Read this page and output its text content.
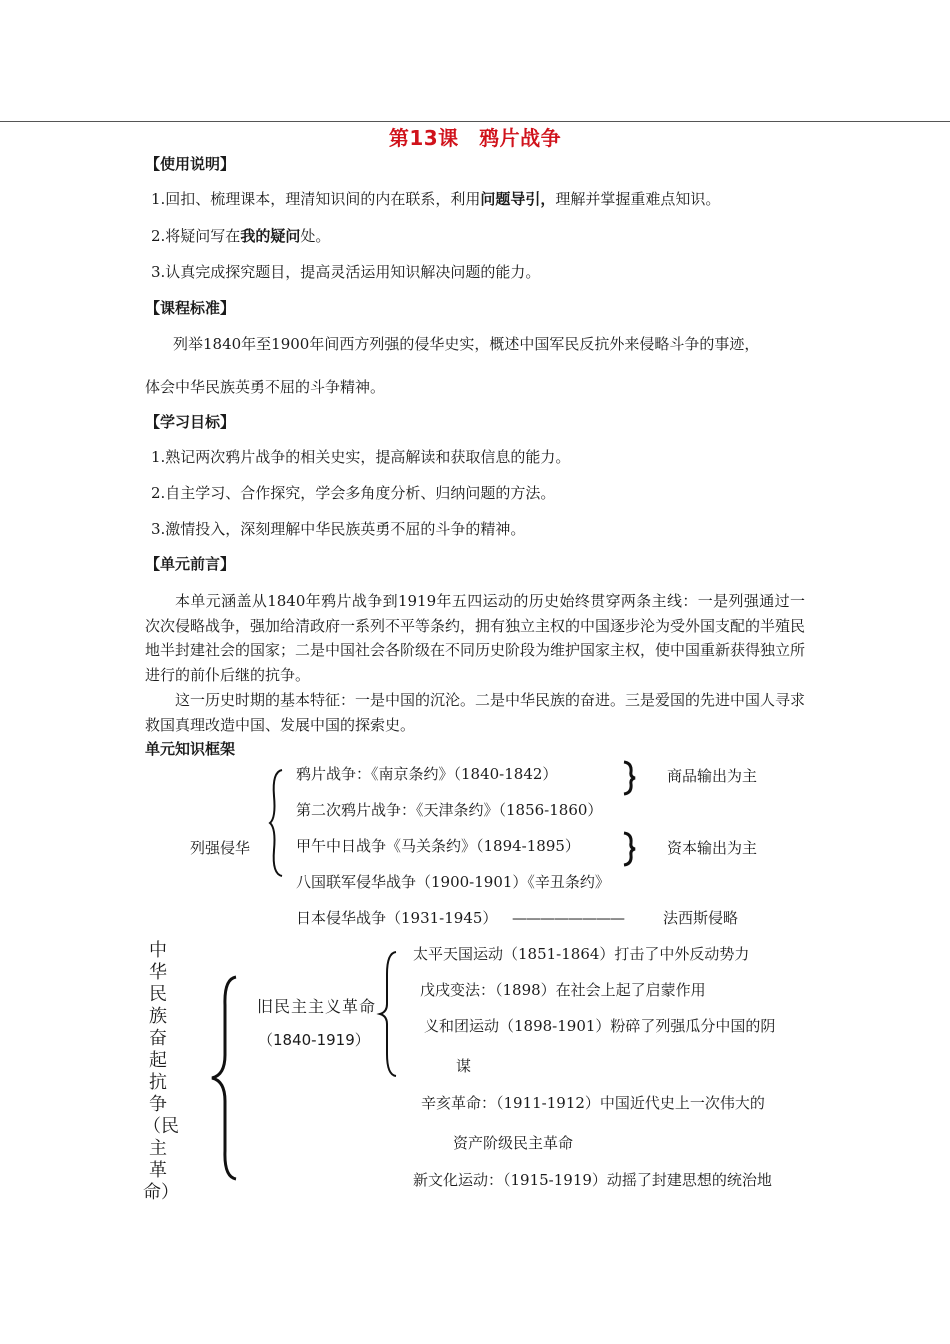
第13课　鸦片战争
【使用说明】
1.回扣、梳理课本，理清知识间的内在联系，利用问题导引，理解并掌握重难点知识。
2.将疑问写在我的疑问处。
3.认真完成探究题目，提高灵活运用知识解决问题的能力。
【课程标准】
列举1840年至1900年间西方列强的侵华史实，概述中国军民反抗外来侵略斗争的事迹，
体会中华民族英勇不屈的斗争精神。
【学习目标】
1.熟记两次鸦片战争的相关史实，提高解读和获取信息的能力。
2.自主学习、合作探究，学会多角度分析、归纳问题的方法。
3.激情投入，深刻理解中华民族英勇不屈的斗争的精神。
【单元前言】
本单元涵盖从1840年鸦片战争到1919年五四运动的历史始终贯穿两条主线：一是列强通过一次次侵略战争，强加给清政府一系列不平等条约，拥有独立主权的中国逐步沦为受外国支配的半殖民地半封建社会的国家；二是中国社会各阶级在不同历史阶段为维护国家主权，使中国重新获得独立所进行的前仆后继的抗争。
这一历史时期的基本特征：一是中国的沉沦。二是中华民族的奋进。三是爱国的先进中国人寻求救国真理改造中国、发展中国的探索史。
单元知识框架
列强侵华
鸦片战争：《南京条约》（1840-1842）
第二次鸦片战争：《天津条约》（1856-1860）
甲午中日战争《马关条约》（1894-1895）
八国联军侵华战争（1900-1901）《辛丑条约》
日本侵华战争（1931-1945） ————————
商品输出为主
资本输出为主
法西斯侵略
中华民族奋起抗争（民主革命）
旧民主主义革命
（1840-1919）
太平天国运动（1851-1864）打击了中外反动势力
戊戌变法：（1898）在社会上起了启蒙作用
义和团运动（1898-1901）粉碎了列强瓜分中国的阴
谋
辛亥革命：（1911-1912）中国近代史上一次伟大的
资产阶级民主革命
新文化运动：（1915-1919）动摇了封建思想的统治地
